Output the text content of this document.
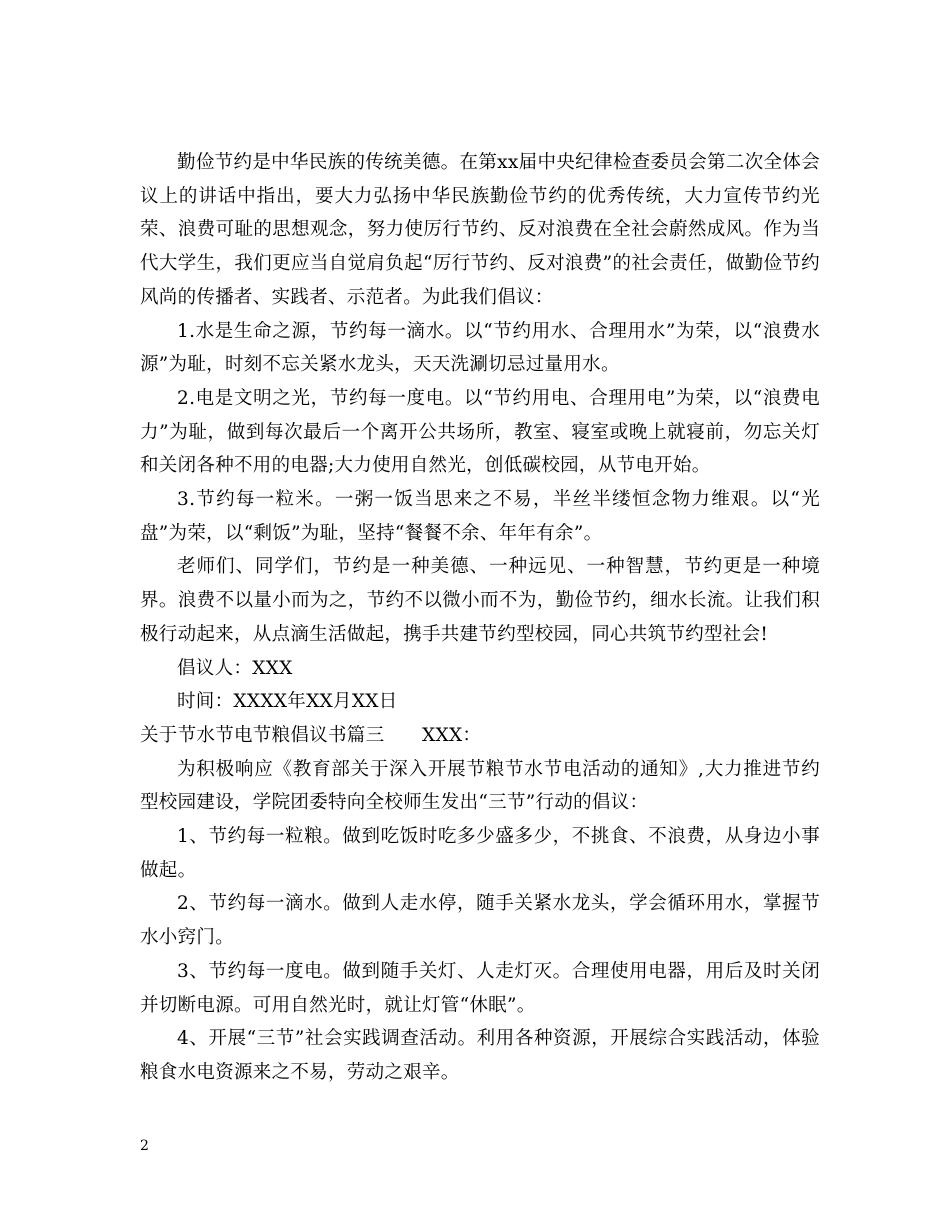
勤俭节约是中华民族的传统美德。在第xx届中央纪律检查委员会第二次全体会议上的讲话中指出，要大力弘扬中华民族勤俭节约的优秀传统，大力宣传节约光荣、浪费可耻的思想观念，努力使厉行节约、反对浪费在全社会蔚然成风。作为当代大学生，我们更应当自觉肩负起“厉行节约、反对浪费”的社会责任，做勤俭节约风尚的传播者、实践者、示范者。为此我们倡议：

1.水是生命之源，节约每一滴水。以“节约用水、合理用水”为荣，以“浪费水源”为耻，时刻不忘关紧水龙头，天天洗涮切忌过量用水。

2.电是文明之光，节约每一度电。以“节约用电、合理用电”为荣，以“浪费电力”为耻，做到每次最后一个离开公共场所，教室、寝室或晚上就寝前，勿忘关灯和关闭各种不用的电器;大力使用自然光，创低碳校园，从节电开始。

3.节约每一粒米。一粥一饭当思来之不易，半丝半缕恒念物力维艰。以“光盘”为荣，以“剩饭”为耻，坚持“餐餐不余、年年有余”。

老师们、同学们，节约是一种美德、一种远见、一种智慧，节约更是一种境界。浪费不以量小而为之，节约不以微小而不为，勤俭节约，细水长流。让我们积极行动起来，从点滴生活做起，携手共建节约型校园，同心共筑节约型社会!

倡议人：XXX

时间：XXXX年XX月XX日

关于节水节电节粮倡议书篇三　　XXX：

为积极响应《教育部关于深入开展节粮节水节电活动的通知》,大力推进节约型校园建设，学院团委特向全校师生发出“三节”行动的倡议：

1、节约每一粒粮。做到吃饭时吃多少盛多少，不挑食、不浪费，从身边小事做起。

2、节约每一滴水。做到人走水停，随手关紧水龙头，学会循环用水，掌握节水小窍门。

3、节约每一度电。做到随手关灯、人走灯灭。合理使用电器，用后及时关闭并切断电源。可用自然光时，就让灯管“休眠”。

4、开展“三节”社会实践调查活动。利用各种资源，开展综合实践活动，体验粮食水电资源来之不易，劳动之艰辛。

2
